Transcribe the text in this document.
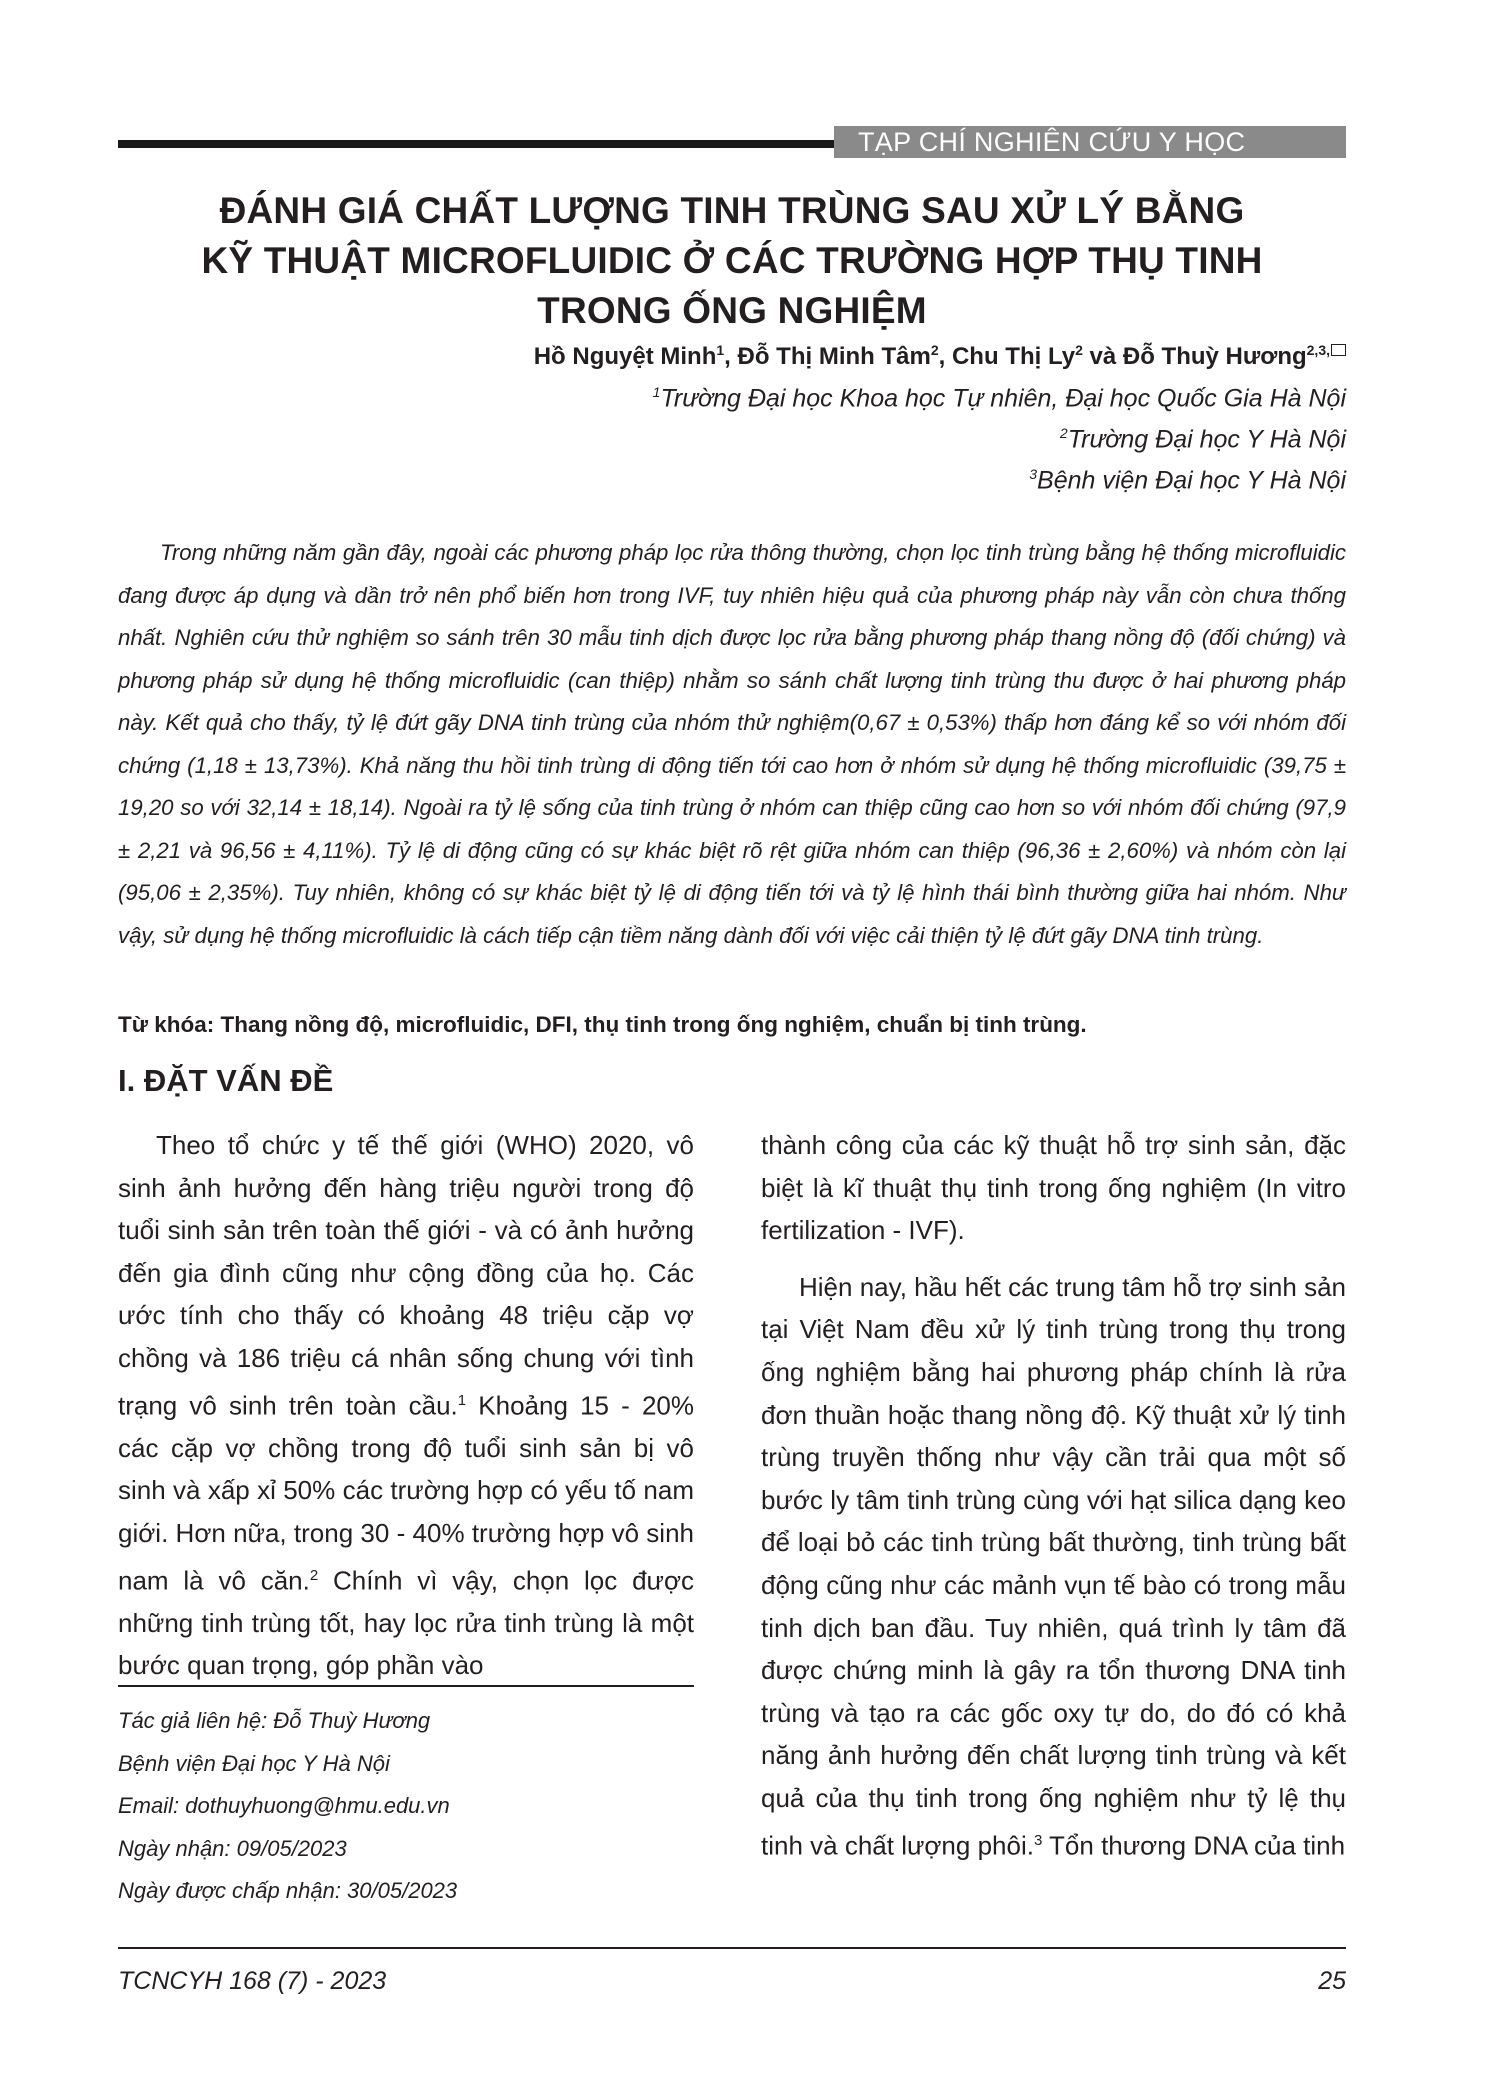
TẠP CHÍ NGHIÊN CỨU Y HỌC
ĐÁNH GIÁ CHẤT LƯỢNG TINH TRÙNG SAU XỬ LÝ BẰNG
KỸ THUẬT MICROFLUIDIC Ở CÁC TRƯỜNG HỢP THỤ TINH
TRONG ỐNG NGHIỆM
Hồ Nguyệt Minh$^1$, Đỗ Thị Minh Tâm$^2$, Chu Thị Ly$^2$ và Đỗ Thuỳ Hương$^{2,3,}$
$^1$Trường Đại học Khoa học Tự nhiên, Đại học Quốc Gia Hà Nội
$^2$Trường Đại học Y Hà Nội
$^3$Bệnh viện Đại học Y Hà Nội
Trong những năm gần đây, ngoài các phương pháp lọc rửa thông thường, chọn lọc tinh trùng bằng hệ thống microfluidic đang được áp dụng và dần trở nên phổ biến hơn trong IVF, tuy nhiên hiệu quả của phương pháp này vẫn còn chưa thống nhất. Nghiên cứu thử nghiệm so sánh trên 30 mẫu tinh dịch được lọc rửa bằng phương pháp thang nồng độ (đối chứng) và phương pháp sử dụng hệ thống microfluidic (can thiệp) nhằm so sánh chất lượng tinh trùng thu được ở hai phương pháp này. Kết quả cho thấy, tỷ lệ đứt gãy DNA tinh trùng của nhóm thử nghiệm(0,67 ± 0,53%) thấp hơn đáng kể so với nhóm đối chứng (1,18 ± 13,73%). Khả năng thu hồi tinh trùng di động tiến tới cao hơn ở nhóm sử dụng hệ thống microfluidic (39,75 ± 19,20 so với 32,14 ± 18,14). Ngoài ra tỷ lệ sống của tinh trùng ở nhóm can thiệp cũng cao hơn so với nhóm đối chứng (97,9 ± 2,21 và 96,56 ± 4,11%). Tỷ lệ di động cũng có sự khác biệt rõ rệt giữa nhóm can thiệp (96,36 ± 2,60%) và nhóm còn lại (95,06 ± 2,35%). Tuy nhiên, không có sự khác biệt tỷ lệ di động tiến tới và tỷ lệ hình thái bình thường giữa hai nhóm. Như vậy, sử dụng hệ thống microfluidic là cách tiếp cận tiềm năng dành đối với việc cải thiện tỷ lệ đứt gãy DNA tinh trùng.
Từ khóa: Thang nồng độ, microfluidic, DFI, thụ tinh trong ống nghiệm, chuẩn bị tinh trùng.
I. ĐẶT VẤN ĐỀ

Theo tổ chức y tế thế giới (WHO) 2020, vô sinh ảnh hưởng đến hàng triệu người trong độ tuổi sinh sản trên toàn thế giới - và có ảnh hưởng đến gia đình cũng như cộng đồng của họ. Các ước tính cho thấy có khoảng 48 triệu cặp vợ chồng và 186 triệu cá nhân sống chung với tình trạng vô sinh trên toàn cầu.$^1$ Khoảng 15 - 20% các cặp vợ chồng trong độ tuổi sinh sản bị vô sinh và xấp xỉ 50% các trường hợp có yếu tố nam giới. Hơn nữa, trong 30 - 40% trường hợp vô sinh nam là vô căn.$^2$ Chính vì vậy, chọn lọc được những tinh trùng tốt, hay lọc rửa tinh trùng là một bước quan trọng, góp phần vào

thành công của các kỹ thuật hỗ trợ sinh sản, đặc biệt là kĩ thuật thụ tinh trong ống nghiệm (In vitro fertilization - IVF).

Hiện nay, hầu hết các trung tâm hỗ trợ sinh sản tại Việt Nam đều xử lý tinh trùng trong thụ trong ống nghiệm bằng hai phương pháp chính là rửa đơn thuần hoặc thang nồng độ. Kỹ thuật xử lý tinh trùng truyền thống như vậy cần trải qua một số bước ly tâm tinh trùng cùng với hạt silica dạng keo để loại bỏ các tinh trùng bất thường, tinh trùng bất động cũng như các mảnh vụn tế bào có trong mẫu tinh dịch ban đầu. Tuy nhiên, quá trình ly tâm đã được chứng minh là gây ra tổn thương DNA tinh trùng và tạo ra các gốc oxy tự do, do đó có khả năng ảnh hưởng đến chất lượng tinh trùng và kết quả của thụ tinh trong ống nghiệm như tỷ lệ thụ tinh và chất lượng phôi.$^3$ Tổn thương DNA của tinh

Tác giả liên hệ: Đỗ Thuỳ Hương
Bệnh viện Đại học Y Hà Nội
Email: dothuyhuong@hmu.edu.vn
Ngày nhận: 09/05/2023
Ngày được chấp nhận: 30/05/2023
TCNCYH 168 (7) - 2023	25
